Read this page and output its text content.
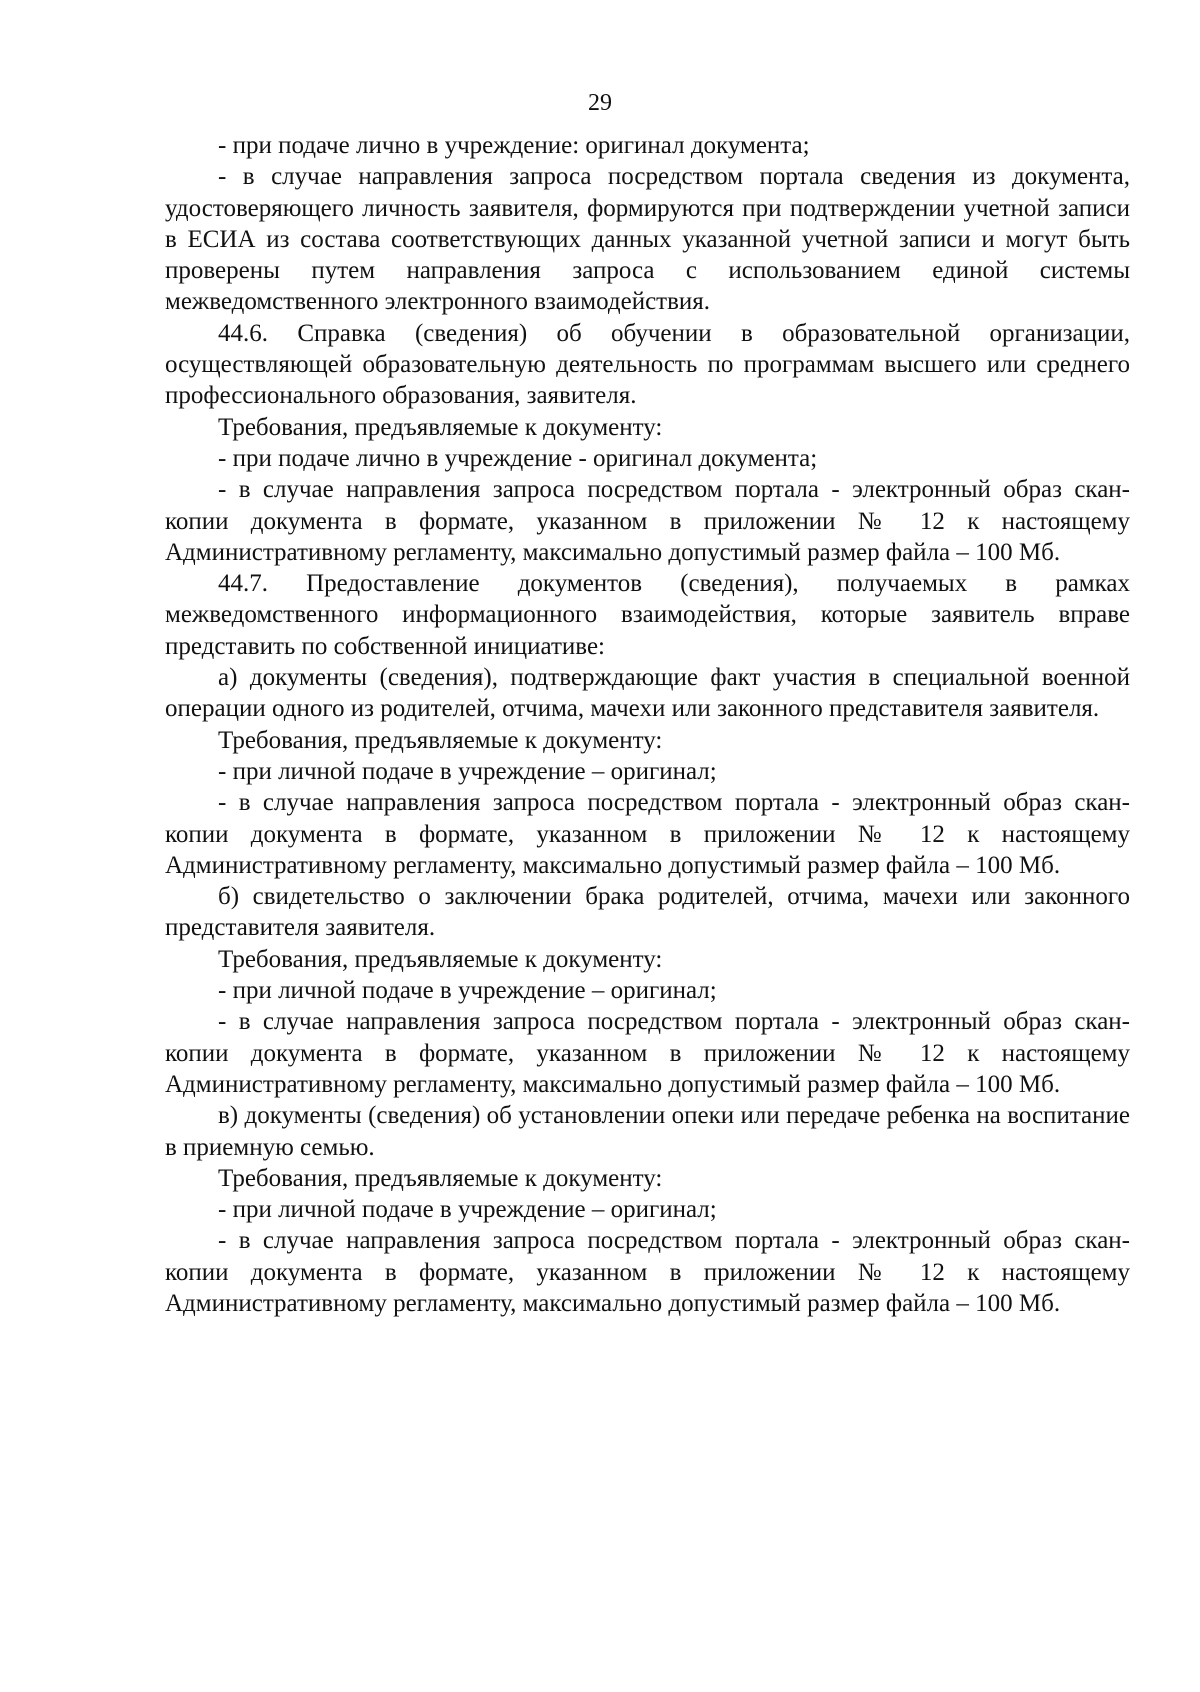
29

- при подаче лично в учреждение: оригинал документа;

- в случае направления запроса посредством портала сведения из документа, удостоверяющего личность заявителя, формируются при подтверждении учетной записи в ЕСИА из состава соответствующих данных указанной учетной записи и могут быть проверены путем направления запроса с использованием единой системы межведомственного электронного взаимодействия.

44.6. Справка (сведения) об обучении в образовательной организации, осуществляющей образовательную деятельность по программам высшего или среднего профессионального образования, заявителя.

Требования, предъявляемые к документу:

- при подаче лично в учреждение - оригинал документа;

- в случае направления запроса посредством портала - электронный образ скан-копии документа в формате, указанном в приложении № 12 к настоящему Административному регламенту, максимально допустимый размер файла – 100 Мб.

44.7. Предоставление документов (сведения), получаемых в рамках межведомственного информационного взаимодействия, которые заявитель вправе представить по собственной инициативе:

а) документы (сведения), подтверждающие факт участия в специальной военной операции одного из родителей, отчима, мачехи или законного представителя заявителя.

Требования, предъявляемые к документу:

- при личной подаче в учреждение – оригинал;

- в случае направления запроса посредством портала - электронный образ скан-копии документа в формате, указанном в приложении № 12 к настоящему Административному регламенту, максимально допустимый размер файла – 100 Мб.

б) свидетельство о заключении брака родителей, отчима, мачехи или законного представителя заявителя.

Требования, предъявляемые к документу:

- при личной подаче в учреждение – оригинал;

- в случае направления запроса посредством портала - электронный образ скан-копии документа в формате, указанном в приложении № 12 к настоящему Административному регламенту, максимально допустимый размер файла – 100 Мб.

в) документы (сведения) об установлении опеки или передаче ребенка на воспитание в приемную семью.

Требования, предъявляемые к документу:

- при личной подаче в учреждение – оригинал;

- в случае направления запроса посредством портала - электронный образ скан-копии документа в формате, указанном в приложении № 12 к настоящему Административному регламенту, максимально допустимый размер файла – 100 Мб.
